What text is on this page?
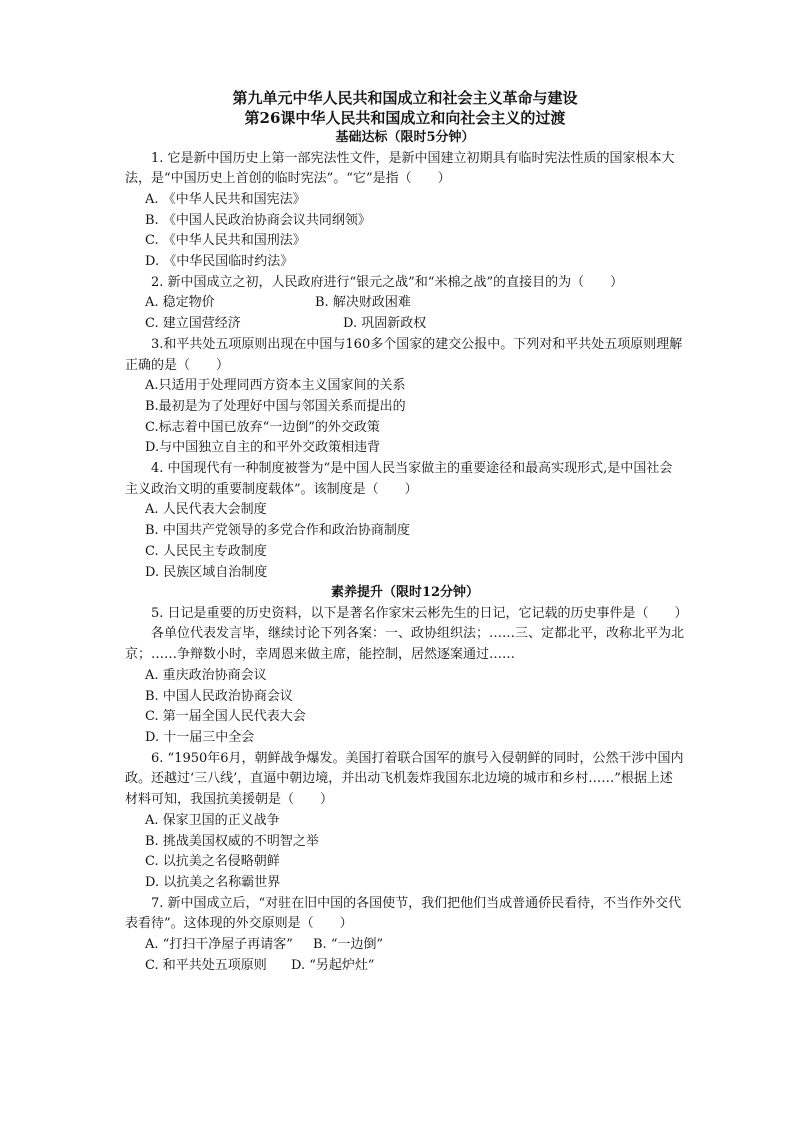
第九单元中华人民共和国成立和社会主义革命与建设

第26课中华人民共和国成立和向社会主义的过渡

基础达标（限时5分钟）

1. 它是新中国历史上第一部宪法性文件，是新中国建立初期具有临时宪法性质的国家根本大法，是“中国历史上首创的临时宪法”。“它”是指（　　）

A. 《中华人民共和国宪法》

B. 《中国人民政治协商会议共同纲领》

C. 《中华人民共和国刑法》

D. 《中华民国临时约法》

2. 新中国成立之初，人民政府进行“银元之战”和“米棉之战”的直接目的为（　　）

A. 稳定物价	B. 解决财政困难
C. 建立国营经济	D. 巩固新政权

3.和平共处五项原则出现在中国与160多个国家的建交公报中。下列对和平共处五项原则理解正确的是（　　）

A.只适用于处理同西方资本主义国家间的关系

B.最初是为了处理好中国与邻国关系而提出的

C.标志着中国已放弃“一边倒”的外交政策

D.与中国独立自主的和平外交政策相违背

4. 中国现代有一种制度被誉为“是中国人民当家做主的重要途径和最高实现形式,是中国社会主义政治文明的重要制度载体”。该制度是（　　）

A. 人民代表大会制度

B. 中国共产党领导的多党合作和政治协商制度

C. 人民民主专政制度

D. 民族区域自治制度

素养提升（限时12分钟）

5. 日记是重要的历史资料，以下是著名作家宋云彬先生的日记，它记载的历史事件是（　　）

各单位代表发言毕，继续讨论下列各案：一、政协组织法；……三、定都北平，改称北平为北京；……争辩数小时，幸周恩来做主席，能控制，居然逐案通过……

A. 重庆政治协商会议

B. 中国人民政治协商会议

C. 第一届全国人民代表大会

D. 十一届三中全会

6. “1950年6月，朝鲜战争爆发。美国打着联合国军的旗号入侵朝鲜的同时，公然干涉中国内政。还越过‘三八线’，直逼中朝边境，并出动飞机轰炸我国东北边境的城市和乡村……”根据上述材料可知，我国抗美援朝是（　　）

A. 保家卫国的正义战争

B. 挑战美国权威的不明智之举

C. 以抗美之名侵略朝鲜

D. 以抗美之名称霸世界

7. 新中国成立后，“对驻在旧中国的各国使节，我们把他们当成普通侨民看待，不当作外交代表看待”。这体现的外交原则是（　　）

A. “打扫干净屋子再请客”	B. “一边倒”
C. 和平共处五项原则	D. “另起炉灶”
